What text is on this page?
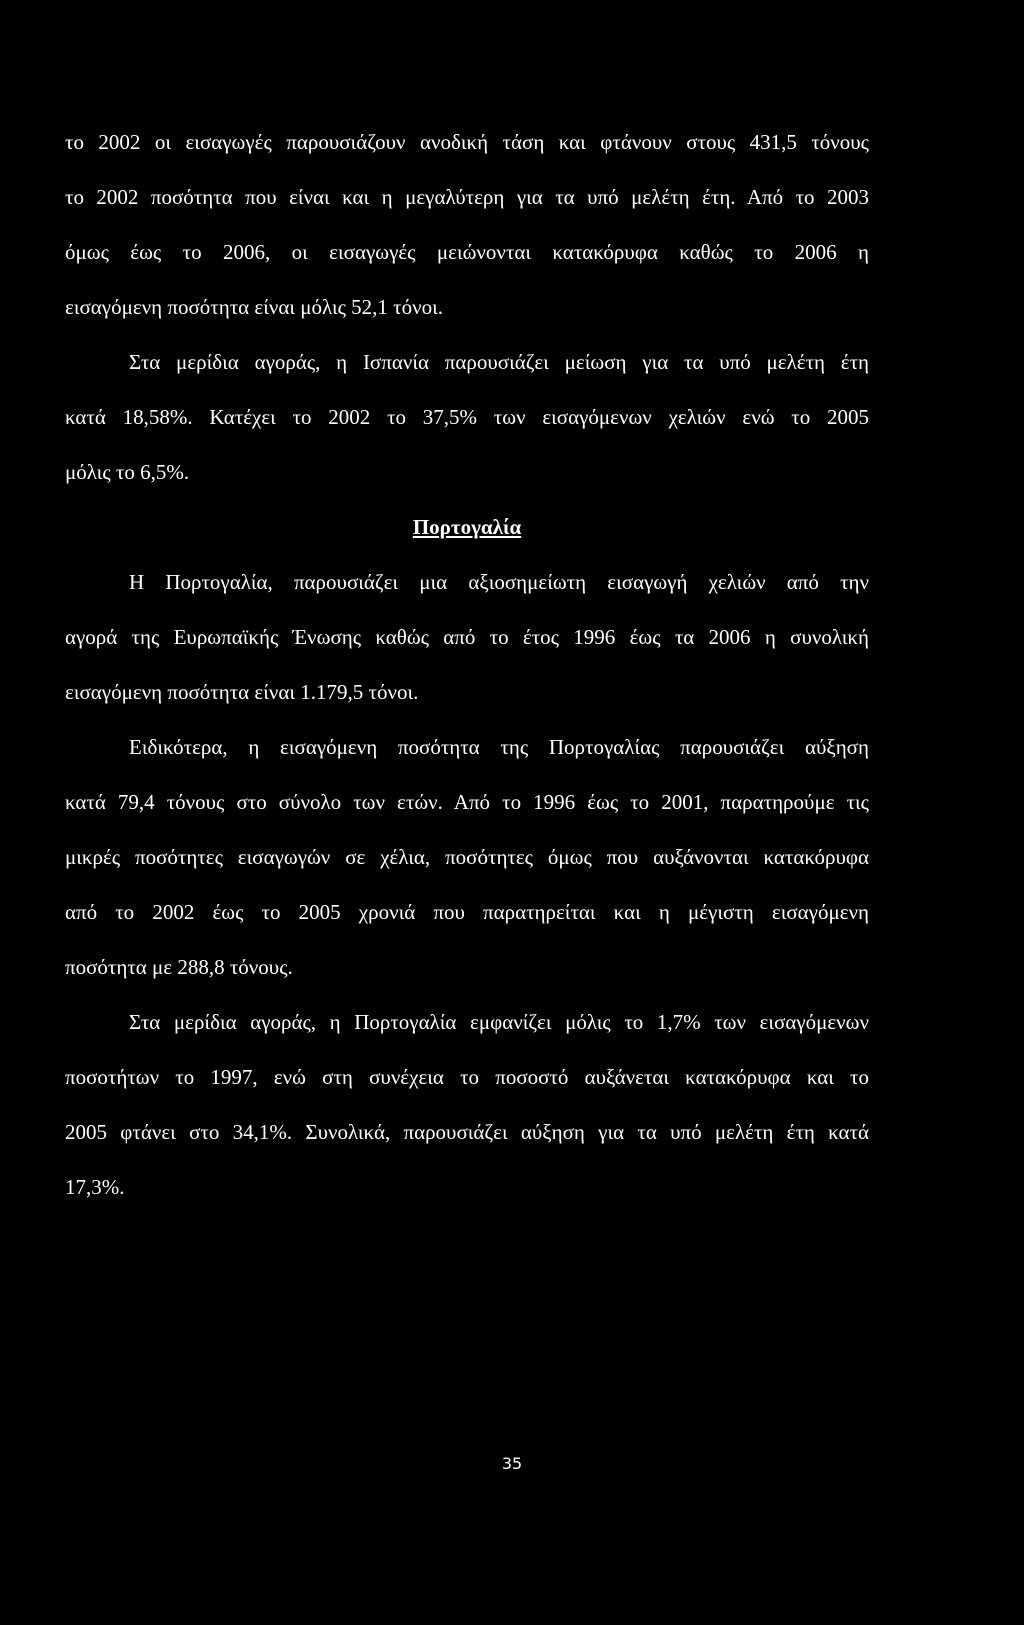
το 2002 οι εισαγωγές παρουσιάζουν ανοδική τάση και φτάνουν στους 431,5 τόνους
το 2002 ποσότητα που είναι και η μεγαλύτερη για τα υπό μελέτη έτη. Από το 2003
όμως έως το 2006, οι εισαγωγές μειώνονται κατακόρυφα καθώς το 2006 η
εισαγόμενη ποσότητα είναι μόλις 52,1 τόνοι.
Στα μερίδια αγοράς, η Ισπανία παρουσιάζει μείωση για τα υπό μελέτη έτη
κατά 18,58%. Κατέχει το 2002 το 37,5% των εισαγόμενων χελιών ενώ το 2005
μόλις το 6,5%.
Πορτογαλία
Η Πορτογαλία, παρουσιάζει μια αξιοσημείωτη εισαγωγή χελιών από την
αγορά της Ευρωπαϊκής Ένωσης καθώς από το έτος 1996 έως τα 2006 η συνολική
εισαγόμενη ποσότητα είναι 1.179,5 τόνοι.
Ειδικότερα, η εισαγόμενη ποσότητα της Πορτογαλίας παρουσιάζει αύξηση
κατά 79,4 τόνους στο σύνολο των ετών. Από το 1996 έως το 2001, παρατηρούμε τις
μικρές ποσότητες εισαγωγών σε χέλια, ποσότητες όμως που αυξάνονται κατακόρυφα
από το 2002 έως το 2005 χρονιά που παρατηρείται και η μέγιστη εισαγόμενη
ποσότητα με 288,8 τόνους.
Στα μερίδια αγοράς, η Πορτογαλία εμφανίζει μόλις το 1,7% των εισαγόμενων
ποσοτήτων το 1997, ενώ στη συνέχεια το ποσοστό αυξάνεται κατακόρυφα και το
2005 φτάνει στο 34,1%. Συνολικά, παρουσιάζει αύξηση για τα υπό μελέτη έτη κατά
17,3%.
35
